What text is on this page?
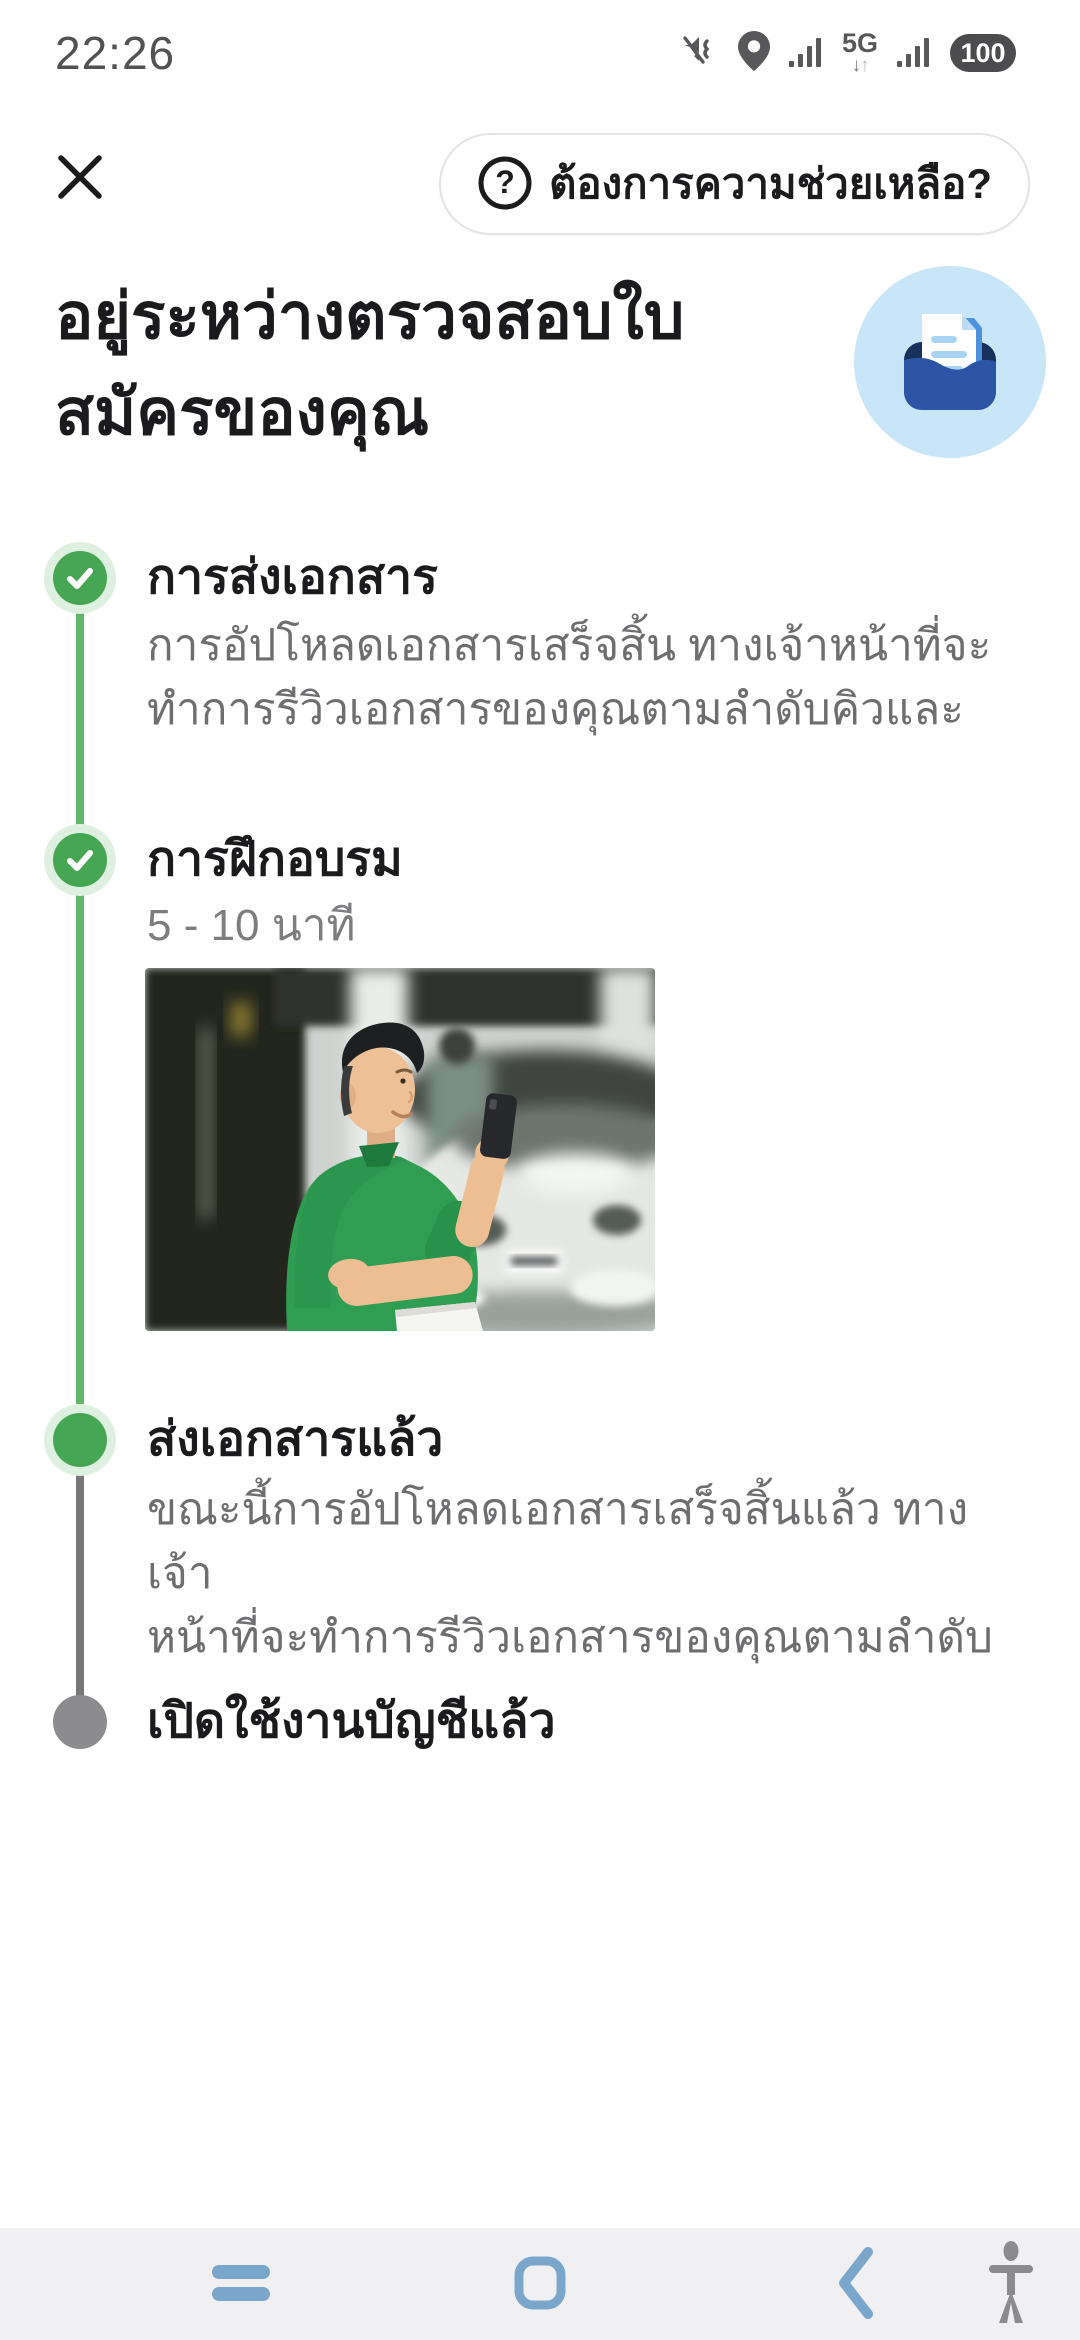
22:26	5G
↓↑	100
? ต้องการความช่วยเหลือ?
อยู่ระหว่างตรวจสอบใบ
สมัครของคุณ
การส่งเอกสาร
การอัปโหลดเอกสารเสร็จสิ้น ทางเจ้าหน้าที่จะ
ทำการรีวิวเอกสารของคุณตามลำดับคิวและ
การฝึกอบรม
5 - 10 นาที
ส่งเอกสารแล้ว
ขณะนี้การอัปโหลดเอกสารเสร็จสิ้นแล้ว ทางเจ้า
หน้าที่จะทำการรีวิวเอกสารของคุณตามลำดับ
เปิดใช้งานบัญชีแล้ว
